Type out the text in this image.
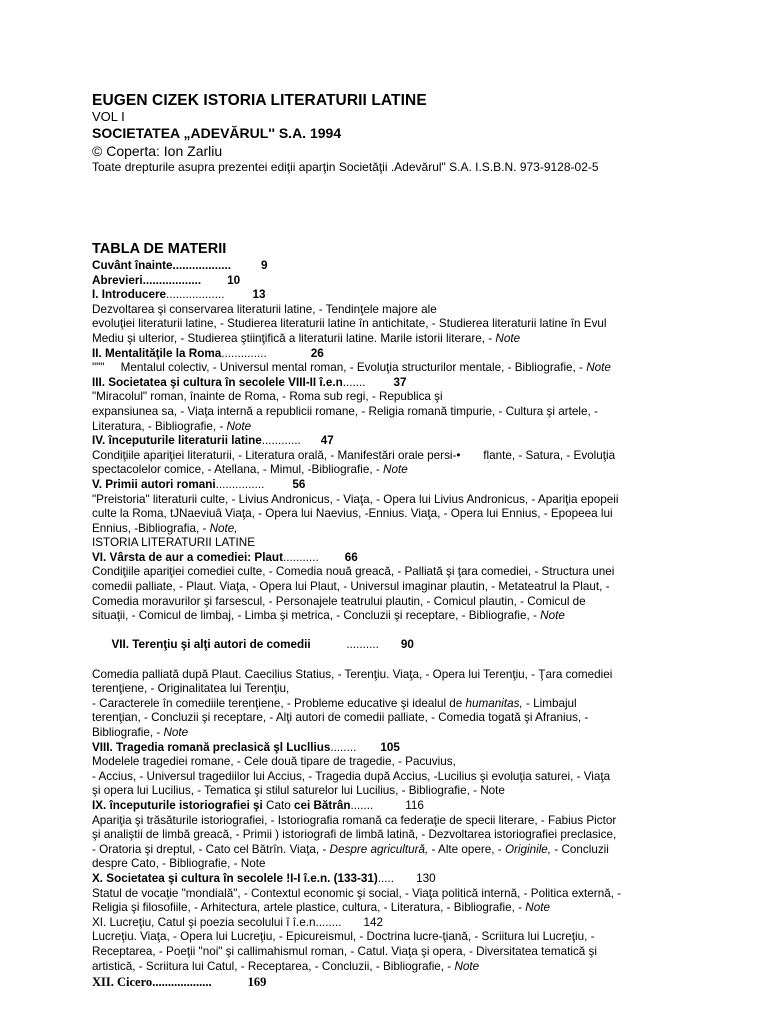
EUGEN CIZEK ISTORIA LITERATURII LATINE
VOL I
SOCIETATEA „ADEVĂRUL'' S.A. 1994
© Coperta: Ion Zarliu
Toate drepturile asupra prezentei ediţii aparţin Societăţii .Adevărul" S.A. I.S.B.N. 973-9128-02-5
TABLA DE MATERII
Cuvânt înainte..................	9
Abrevieri.................. 10
I. Introducere.................. 13
Dezvoltarea şi conservarea literaturii latine, - Tendinţele majore ale
evoluţiei literaturii latine, - Studierea literaturii latine în antichitate, - Studierea literaturii latine în Evul
Mediu şi ulterior, - Studierea ştiinţifică a literaturii latine. Marile istorii literare, - Note
II. Mentalităţile la Roma..............	26
"""     Mentalul colectiv, - Universul mental roman, - Evoluţia structurilor mentale, - Bibliografie, - Note
III. Societatea şi cultura în secolele VIII-II î.e.n....... 37
"Miracolul" roman, înainte de Roma, - Roma sub regi, - Republica şi
expansiunea sa, - Viaţa internă a republicii romane, - Religia romană timpurie, - Cultura şi artele, -
Literatura, - Bibliografie, - Note
IV. începuturile literaturii latine............ 47
Condiţiile apariţiei literaturii, - Literatura orală, - Manifestări orale persi-•       flante, - Satura, - Evoluţia
spectacolelor comice, - Atellana, - Mimul, -Bibliografie, - Note
V. Primii autori romani............... 56
"Preistoria" literaturii culte, - Livius Andronicus, - Viaţa, - Opera lui Livius Andronicus, - Apariţia epopeii
culte la Roma, tJNaeviuâ Viaţa, - Opera lui Naevius, -Ennius. Viaţa, - Opera lui Ennius, - Epopeea lui
Ennius, -Bibliografia, - Note,
ISTORIA LITERATURII LATINE
VI. Vârsta de aur a comediei: Plaut........... 66
Condiţiile apariţiei comediei culte, - Comedia nouă greacă, - Palliată şi ţara comediei, - Structura unei
comedii palliate, - Plaut. Viaţa, - Opera lui Plaut, - Universul imaginar plautin, - Metateatrul la Plaut, -
Comedia moravurilor şi farsescul, - Personajele teatrului plautin, - Comicul plautin, - Comicul de
situaţii, - Comicul de limbaj, - Limba şi metrica, - Concluzii şi receptare, - Bibliografie, - Note

VII. Terenţiu şi alţi autori de comedii           .......... 90

Comedia palliată după Plaut. Caecilius Statius, - Terenţiu. Viaţa, - Opera lui Terenţiu, - Ţara comediei
terenţiene, - Originalitatea lui Terenţiu,
- Caracterele în comediile terenţiene, - Probleme educative şi idealul de humanitas, - Limbajul
terenţian, - Concluzii şi receptare, - Alţi autori de comedii palliate, - Comedia togată şi Afranius, -
Bibliografie, - Note
VIII. Tragedia romană preclasică şl Lucllius........ 105
Modelele tragediei romane, - Cele două tipare de tragedie, - Pacuvius,
- Accius, - Universul tragediilor lui Accius, - Tragedia după Accius, -Lucilius şi evoluţia saturei, - Viaţa
şi opera lui Lucilius, - Tematica şi stilul saturelor lui Lucilius, - Bibliografie, - Note
IX. începuturile istoriografiei şi Cato cei Bătrân.......	116
Apariţia şi trăsăturile istoriografiei, - Istoriografia romană ca federaţie de specii literare, - Fabius Pictor
şi analiştii de limbă greacă, - Primii ) istoriografi de limbă latină, - Dezvoltarea istoriografiei preclasice,
- Oratoria şi dreptul, - Cato cel Bătrîn. Viaţa, - Despre agricultură, - Alte opere, - Originile, - Concluzii
despre Cato, - Bibliografie, - Note
X. Societatea şi cultura în secolele !I-I î.e.n. (133-31)..... 130
Statul de vocaţie "mondială", - Contextul economic şi social, - Viaţa politică internă, - Politica externă, -
Religia şi filosofiile, - Arhitectura, artele plastice, cultura, - Literatura, - Bibliografie, - Note
XI. Lucreţiu, Catul şi poezia secolului î î.e.n........ 142
Lucreţiu. Viaţa, - Opera lui Lucreţiu, - Epicureismul, - Doctrina lucre-ţiană, - Scriitura lui Lucreţiu, -
Receptarea, - Poeţii "noi" şi callimahismul roman, - Catul. Viaţa şi opera, - Diversitatea tematică şi
artistică, - Scriitura lui Catul, - Receptarea, - Concluzii, - Bibliografie, - Note
XII. Cicero...................	169
